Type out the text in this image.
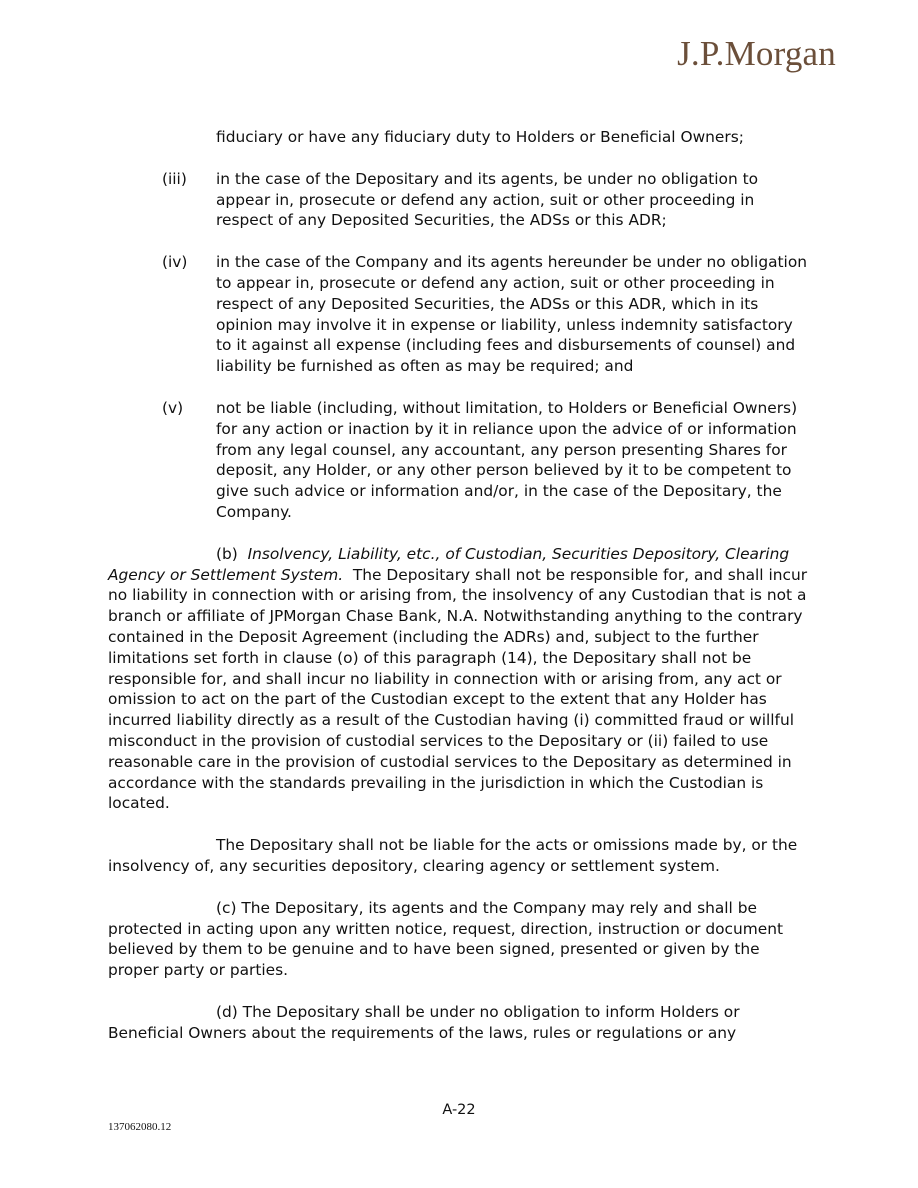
J.P.Morgan
fiduciary or have any fiduciary duty to Holders or Beneficial Owners;
(iii)	in the case of the Depositary and its agents, be under no obligation to appear in, prosecute or defend any action, suit or other proceeding in respect of any Deposited Securities, the ADSs or this ADR;
(iv)	in the case of the Company and its agents hereunder be under no obligation to appear in, prosecute or defend any action, suit or other proceeding in respect of any Deposited Securities, the ADSs or this ADR, which in its opinion may involve it in expense or liability, unless indemnity satisfactory to it against all expense (including fees and disbursements of counsel) and liability be furnished as often as may be required; and
(v)	not be liable (including, without limitation, to Holders or Beneficial Owners) for any action or inaction by it in reliance upon the advice of or information from any legal counsel, any accountant, any person presenting Shares for deposit, any Holder, or any other person believed by it to be competent to give such advice or information and/or, in the case of the Depositary, the Company.
(b) Insolvency, Liability, etc., of Custodian, Securities Depository, Clearing Agency or Settlement System. The Depositary shall not be responsible for, and shall incur no liability in connection with or arising from, the insolvency of any Custodian that is not a branch or affiliate of JPMorgan Chase Bank, N.A. Notwithstanding anything to the contrary contained in the Deposit Agreement (including the ADRs) and, subject to the further limitations set forth in clause (o) of this paragraph (14), the Depositary shall not be responsible for, and shall incur no liability in connection with or arising from, any act or omission to act on the part of the Custodian except to the extent that any Holder has incurred liability directly as a result of the Custodian having (i) committed fraud or willful misconduct in the provision of custodial services to the Depositary or (ii) failed to use reasonable care in the provision of custodial services to the Depositary as determined in accordance with the standards prevailing in the jurisdiction in which the Custodian is located.
The Depositary shall not be liable for the acts or omissions made by, or the insolvency of, any securities depository, clearing agency or settlement system.
(c) The Depositary, its agents and the Company may rely and shall be protected in acting upon any written notice, request, direction, instruction or document believed by them to be genuine and to have been signed, presented or given by the proper party or parties.
(d) The Depositary shall be under no obligation to inform Holders or Beneficial Owners about the requirements of the laws, rules or regulations or any
A-22
137062080.12
